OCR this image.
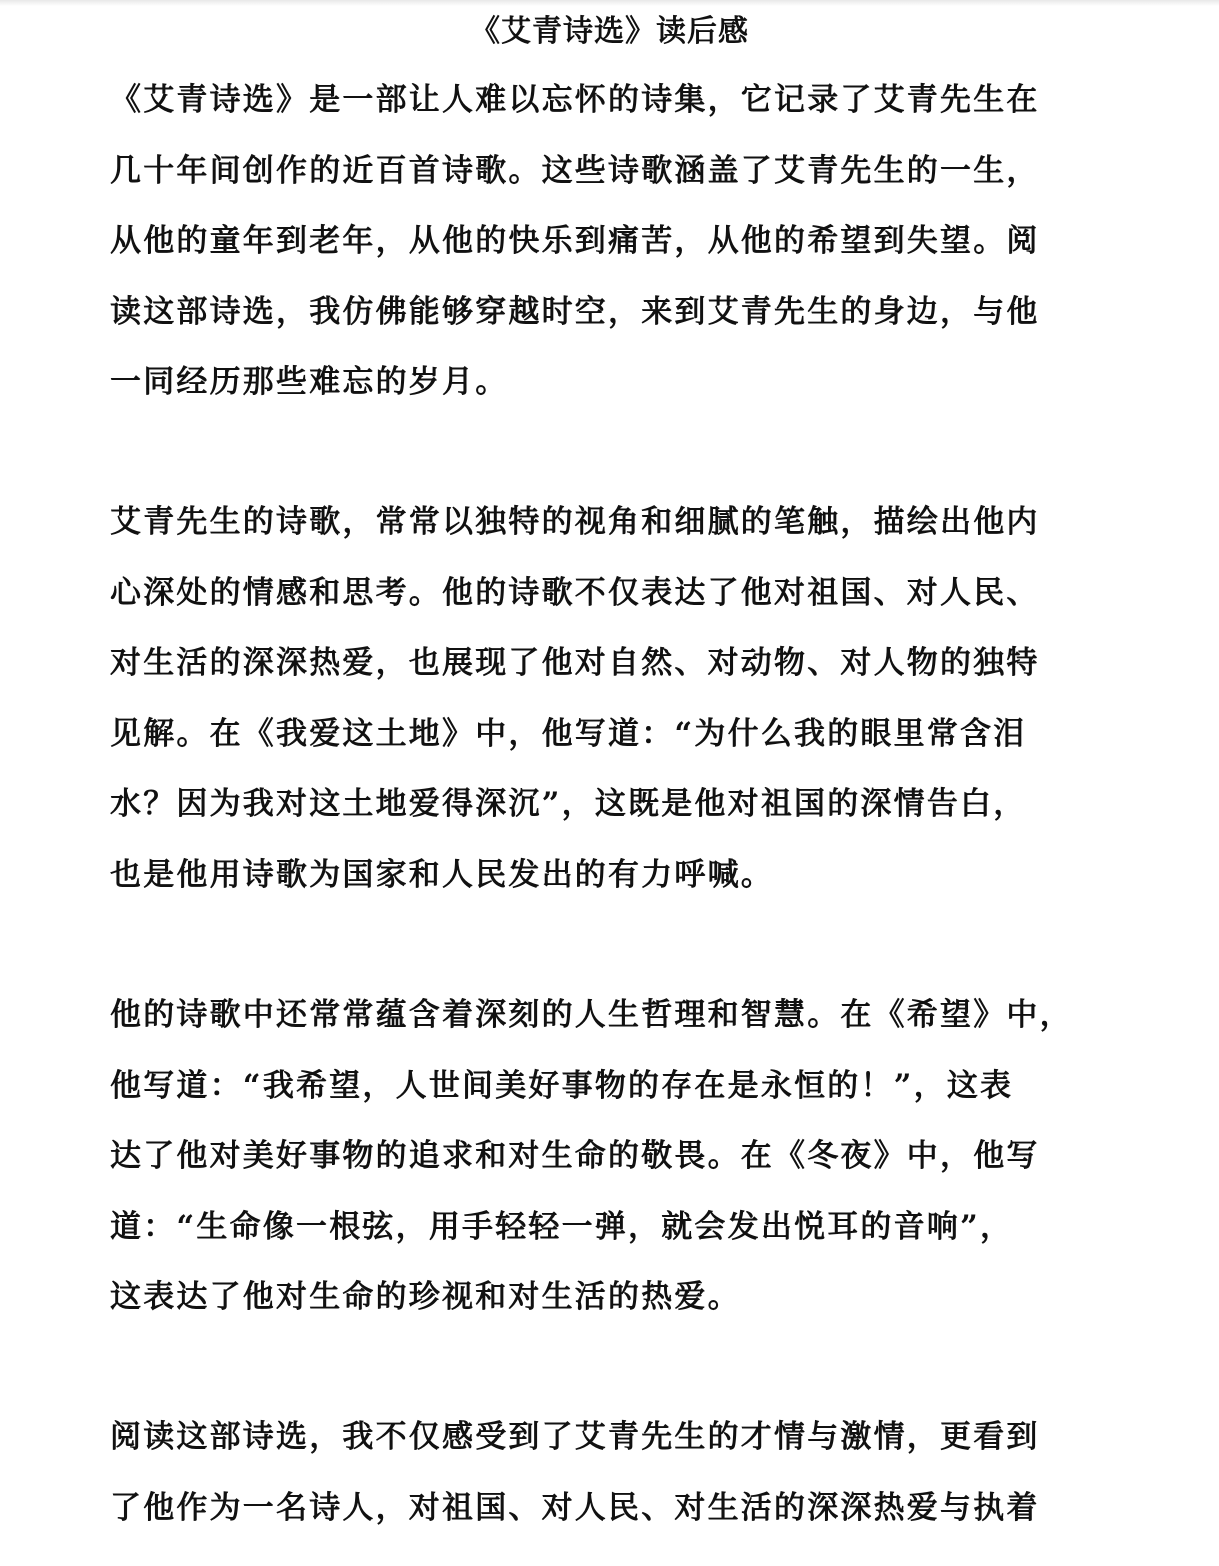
《艾青诗选》读后感
《艾青诗选》是一部让人难以忘怀的诗集，它记录了艾青先生在
几十年间创作的近百首诗歌。这些诗歌涵盖了艾青先生的一生，
从他的童年到老年，从他的快乐到痛苦，从他的希望到失望。阅
读这部诗选，我仿佛能够穿越时空，来到艾青先生的身边，与他
一同经历那些难忘的岁月。
艾青先生的诗歌，常常以独特的视角和细腻的笔触，描绘出他内
心深处的情感和思考。他的诗歌不仅表达了他对祖国、对人民、
对生活的深深热爱，也展现了他对自然、对动物、对人物的独特
见解。在《我爱这土地》中，他写道：“为什么我的眼里常含泪
水？因为我对这土地爱得深沉”，这既是他对祖国的深情告白，
也是他用诗歌为国家和人民发出的有力呼喊。
他的诗歌中还常常蕴含着深刻的人生哲理和智慧。在《希望》中，
他写道：“我希望，人世间美好事物的存在是永恒的！”，这表
达了他对美好事物的追求和对生命的敬畏。在《冬夜》中，他写
道：“生命像一根弦，用手轻轻一弹，就会发出悦耳的音响”，
这表达了他对生命的珍视和对生活的热爱。
阅读这部诗选，我不仅感受到了艾青先生的才情与激情，更看到
了他作为一名诗人，对祖国、对人民、对生活的深深热爱与执着
